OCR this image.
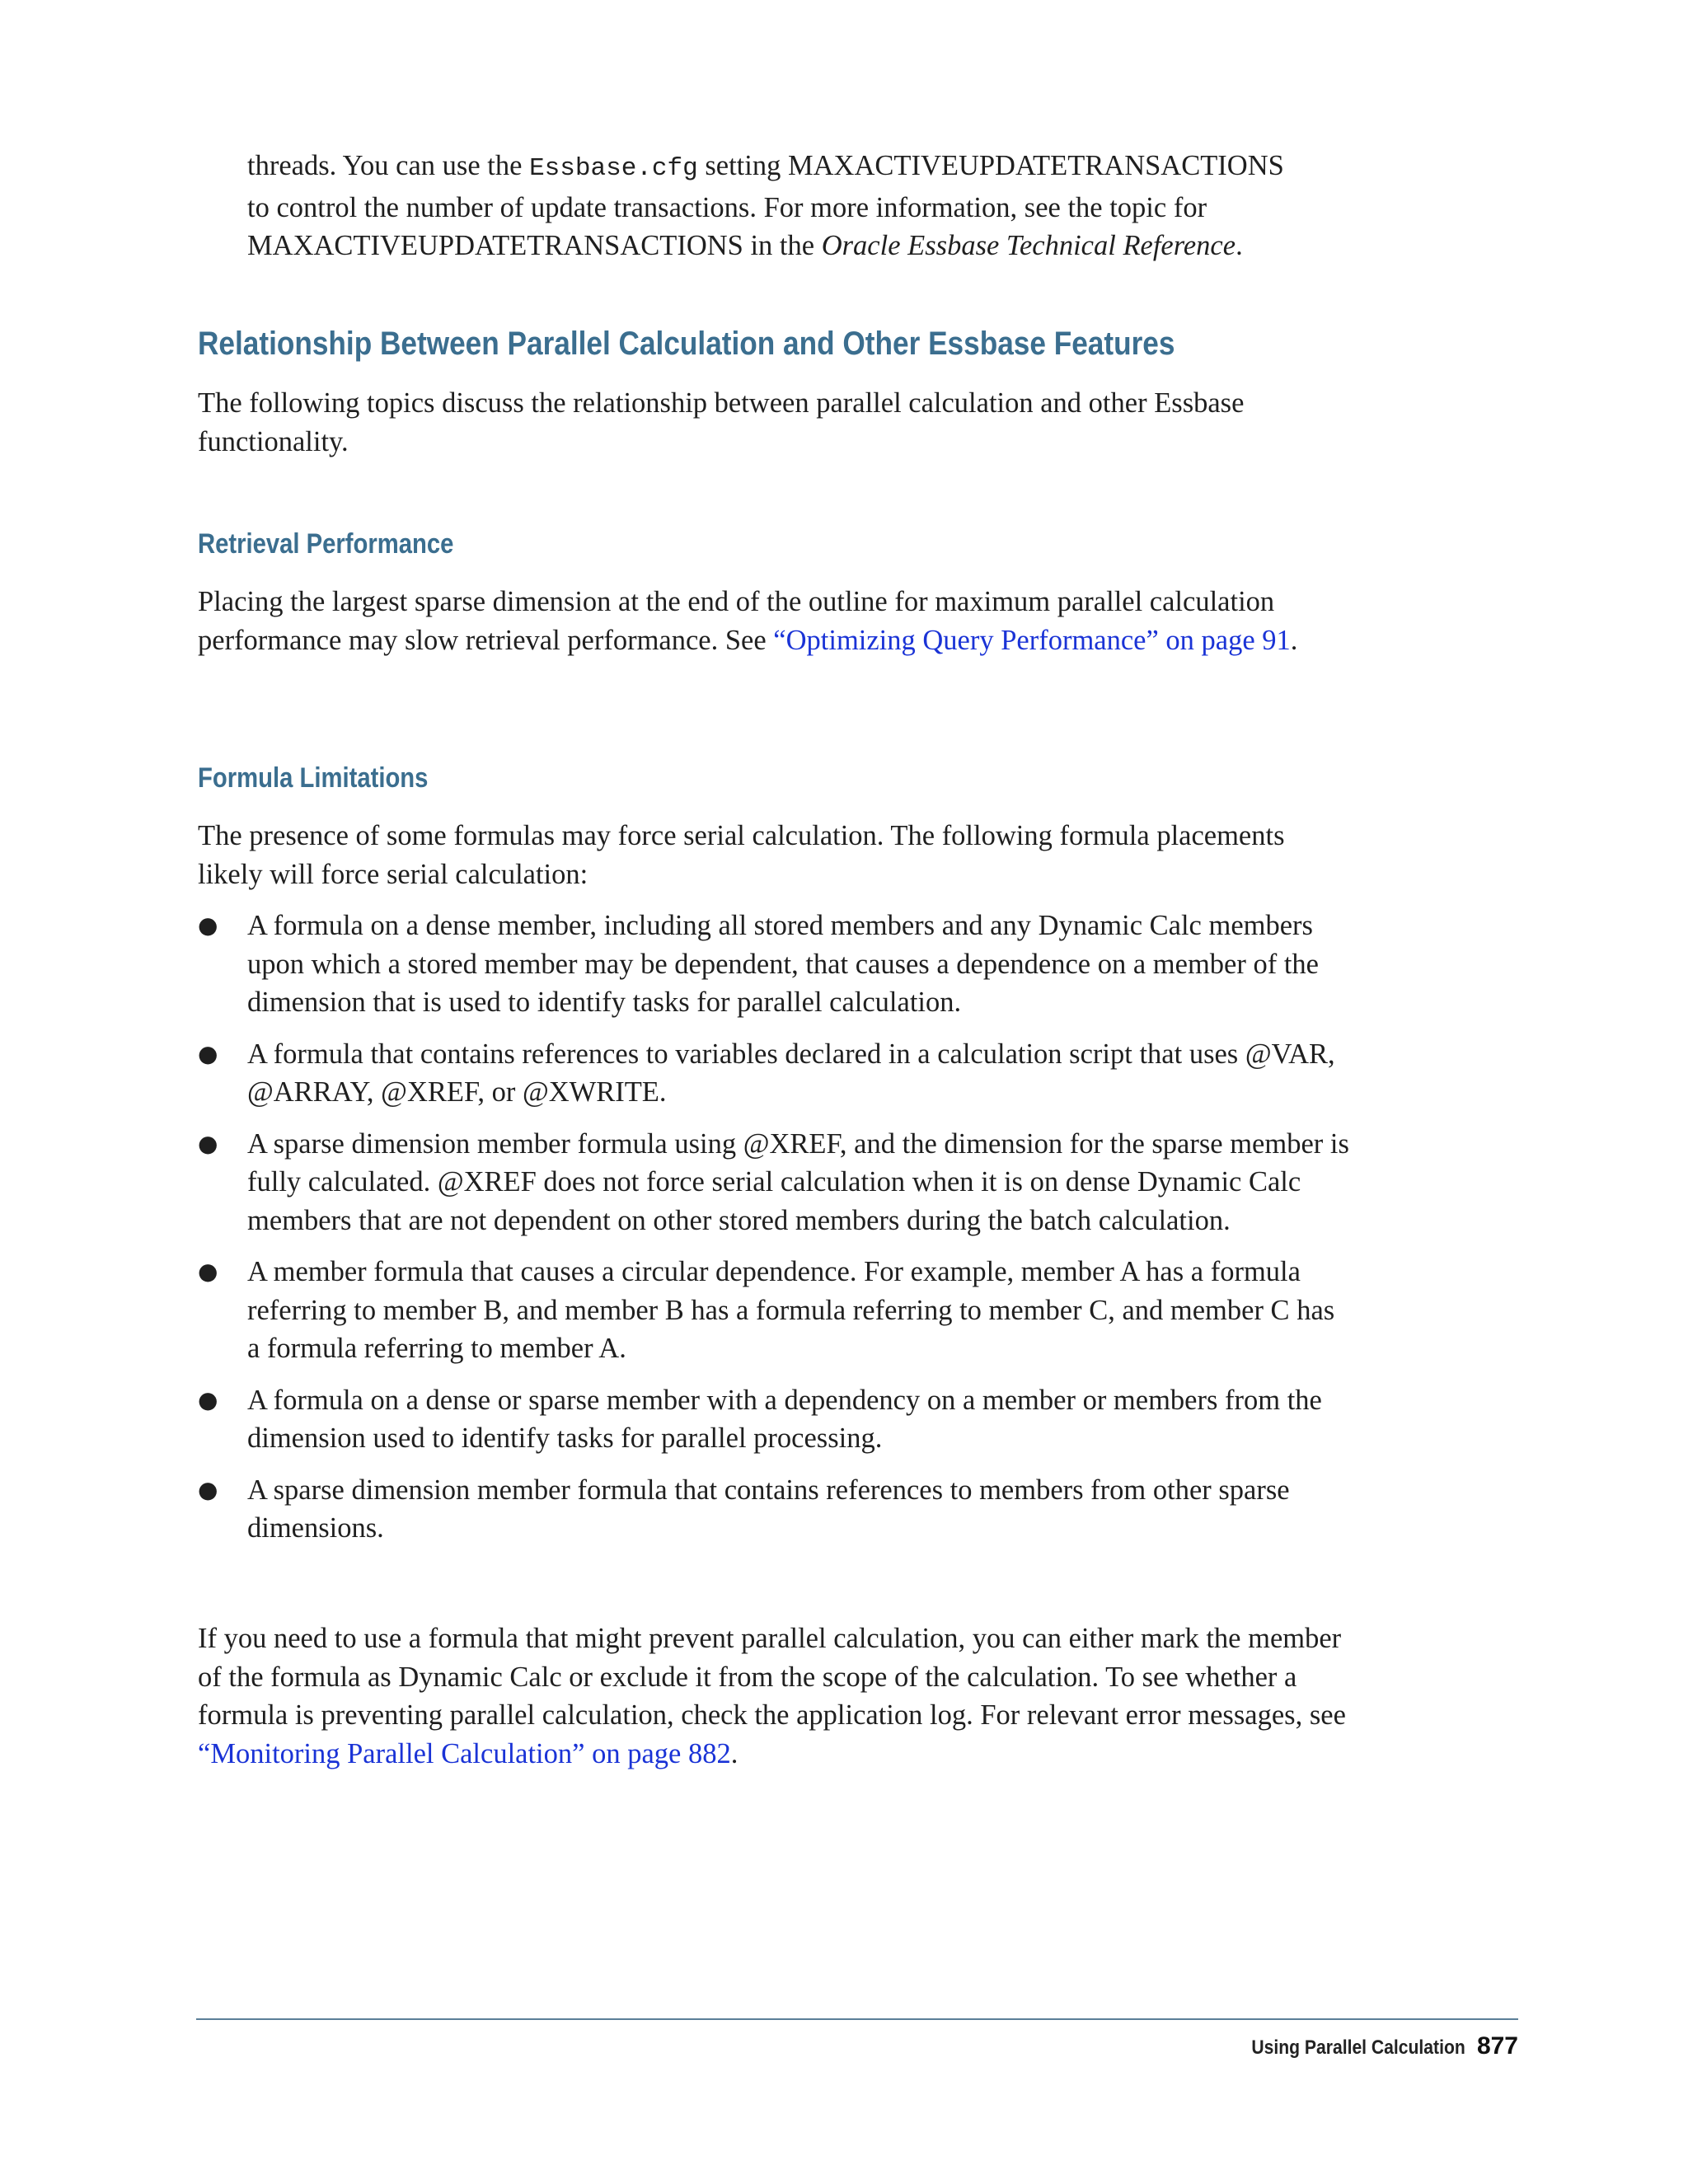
threads. You can use the Essbase.cfg setting MAXACTIVEUPDATETRANSACTIONS
to control the number of update transactions. For more information, see the topic for
MAXACTIVEUPDATETRANSACTIONS in the Oracle Essbase Technical Reference.

Relationship Between Parallel Calculation and Other Essbase Features

The following topics discuss the relationship between parallel calculation and other Essbase functionality.

Retrieval Performance

Placing the largest sparse dimension at the end of the outline for maximum parallel calculation performance may slow retrieval performance. See “Optimizing Query Performance” on page 91.

Formula Limitations

The presence of some formulas may force serial calculation. The following formula placements likely will force serial calculation:

● A formula on a dense member, including all stored members and any Dynamic Calc members upon which a stored member may be dependent, that causes a dependence on a member of the dimension that is used to identify tasks for parallel calculation.
● A formula that contains references to variables declared in a calculation script that uses @VAR, @ARRAY, @XREF, or @XWRITE.
● A sparse dimension member formula using @XREF, and the dimension for the sparse member is fully calculated. @XREF does not force serial calculation when it is on dense Dynamic Calc members that are not dependent on other stored members during the batch calculation.
● A member formula that causes a circular dependence. For example, member A has a formula referring to member B, and member B has a formula referring to member C, and member C has a formula referring to member A.
● A formula on a dense or sparse member with a dependency on a member or members from the dimension used to identify tasks for parallel processing.
● A sparse dimension member formula that contains references to members from other sparse dimensions.

If you need to use a formula that might prevent parallel calculation, you can either mark the member of the formula as Dynamic Calc or exclude it from the scope of the calculation. To see whether a formula is preventing parallel calculation, check the application log. For relevant error messages, see “Monitoring Parallel Calculation” on page 882.

Using Parallel Calculation 877
